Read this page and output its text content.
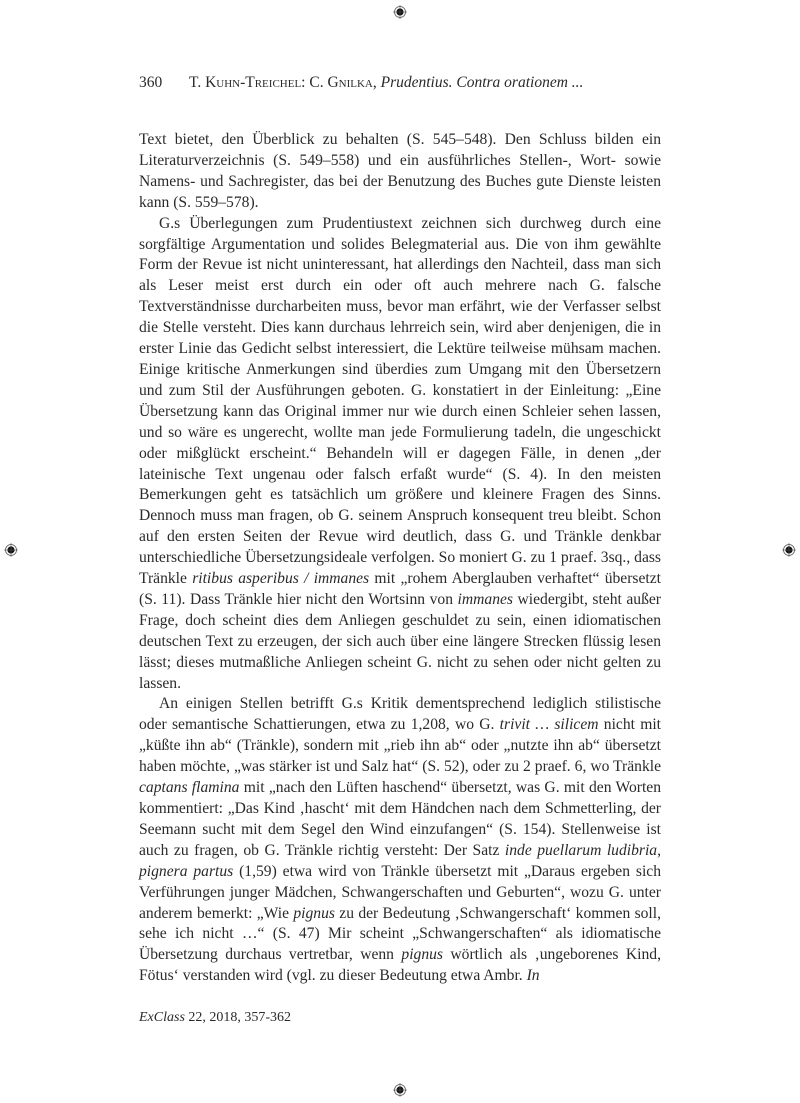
360 T. Kuhn-Treichel: C. Gnilka, Prudentius. Contra orationem ...

Text bietet, den Überblick zu behalten (S. 545–548). Den Schluss bilden ein Literaturverzeichnis (S. 549–558) und ein ausführliches Stellen-, Wort- sowie Namens- und Sachregister, das bei der Benutzung des Buches gute Dienste leisten kann (S. 559–578).

G.s Überlegungen zum Prudentiustext zeichnen sich durchweg durch eine sorgfältige Argumentation und solides Belegmaterial aus. Die von ihm gewählte Form der Revue ist nicht uninteressant, hat allerdings den Nachteil, dass man sich als Leser meist erst durch ein oder oft auch mehrere nach G. falsche Textverständnisse durcharbeiten muss, bevor man erfährt, wie der Verfasser selbst die Stelle versteht. Dies kann durchaus lehrreich sein, wird aber denjenigen, die in erster Linie das Gedicht selbst interessiert, die Lektüre teilweise mühsam machen. Einige kritische Anmerkungen sind überdies zum Umgang mit den Übersetzern und zum Stil der Ausführungen geboten. G. konstatiert in der Einleitung: „Eine Übersetzung kann das Original immer nur wie durch einen Schleier sehen lassen, und so wäre es ungerecht, wollte man jede Formulierung tadeln, die ungeschickt oder mißglückt erscheint.“ Behandeln will er dagegen Fälle, in denen „der lateinische Text ungenau oder falsch erfaßt wurde“ (S. 4). In den meisten Bemerkungen geht es tatsächlich um größere und kleinere Fragen des Sinns. Dennoch muss man fragen, ob G. seinem Anspruch konsequent treu bleibt. Schon auf den ersten Seiten der Revue wird deutlich, dass G. und Tränkle denkbar unterschiedliche Übersetzungsideale verfolgen. So moniert G. zu 1 praef. 3sq., dass Tränkle ritibus asperibus / immanes mit „rohem Aberglauben verhaftet“ übersetzt (S. 11). Dass Tränkle hier nicht den Wortsinn von immanes wiedergibt, steht außer Frage, doch scheint dies dem Anliegen geschuldet zu sein, einen idiomatischen deutschen Text zu erzeugen, der sich auch über eine längere Strecken flüssig lesen lässt; dieses mutmaßliche Anliegen scheint G. nicht zu sehen oder nicht gelten zu lassen.

An einigen Stellen betrifft G.s Kritik dementsprechend lediglich stilistische oder semantische Schattierungen, etwa zu 1,208, wo G. trivit … silicem nicht mit „küßte ihn ab“ (Tränkle), sondern mit „rieb ihn ab“ oder „nutzte ihn ab“ übersetzt haben möchte, „was stärker ist und Salz hat“ (S. 52), oder zu 2 praef. 6, wo Tränkle captans flamina mit „nach den Lüften haschend“ übersetzt, was G. mit den Worten kommentiert: „Das Kind ‚hascht‘ mit dem Händchen nach dem Schmetterling, der Seemann sucht mit dem Segel den Wind einzufangen“ (S. 154). Stellenweise ist auch zu fragen, ob G. Tränkle richtig versteht: Der Satz inde puellarum ludibria, pignera partus (1,59) etwa wird von Tränkle übersetzt mit „Daraus ergeben sich Verführungen junger Mädchen, Schwangerschaften und Geburten“, wozu G. unter anderem bemerkt: „Wie pignus zu der Bedeutung ‚Schwangerschaft‘ kommen soll, sehe ich nicht …“ (S. 47) Mir scheint „Schwangerschaften“ als idiomatische Übersetzung durchaus vertretbar, wenn pignus wörtlich als ‚ungeborenes Kind, Fötus‘ verstanden wird (vgl. zu dieser Bedeutung etwa Ambr. In

ExClass 22, 2018, 357-362
